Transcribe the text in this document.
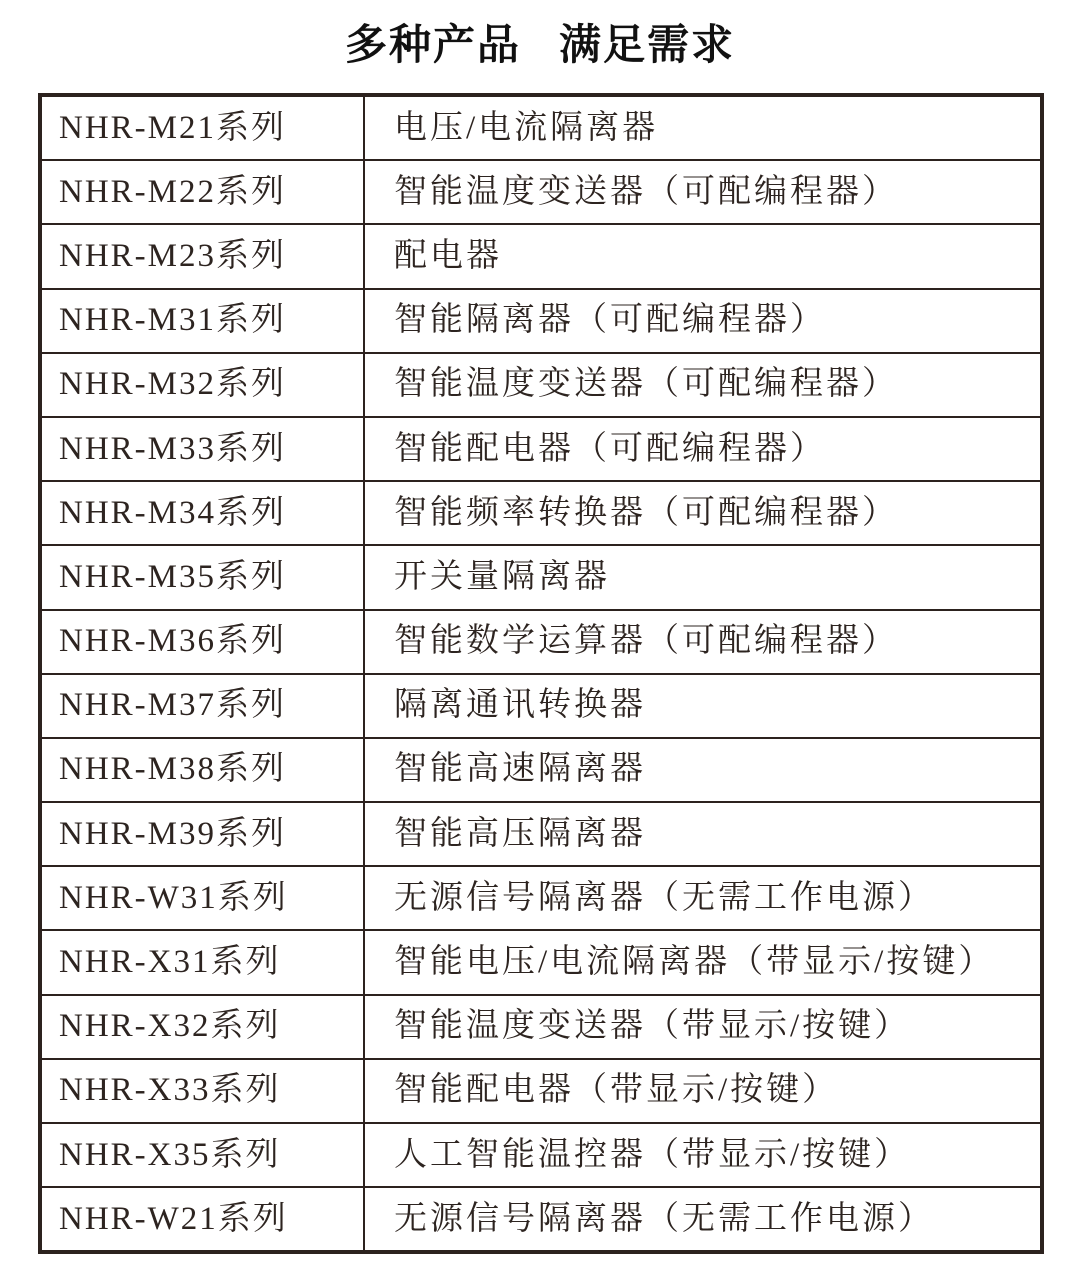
多种产品 满足需求
NHR-M21系列	电压/电流隔离器
NHR-M22系列	智能温度变送器（可配编程器）
NHR-M23系列	配电器
NHR-M31系列	智能隔离器（可配编程器）
NHR-M32系列	智能温度变送器（可配编程器）
NHR-M33系列	智能配电器（可配编程器）
NHR-M34系列	智能频率转换器（可配编程器）
NHR-M35系列	开关量隔离器
NHR-M36系列	智能数学运算器（可配编程器）
NHR-M37系列	隔离通讯转换器
NHR-M38系列	智能高速隔离器
NHR-M39系列	智能高压隔离器
NHR-W31系列	无源信号隔离器（无需工作电源）
NHR-X31系列	智能电压/电流隔离器（带显示/按键）
NHR-X32系列	智能温度变送器（带显示/按键）
NHR-X33系列	智能配电器（带显示/按键）
NHR-X35系列	人工智能温控器（带显示/按键）
NHR-W21系列	无源信号隔离器（无需工作电源）
